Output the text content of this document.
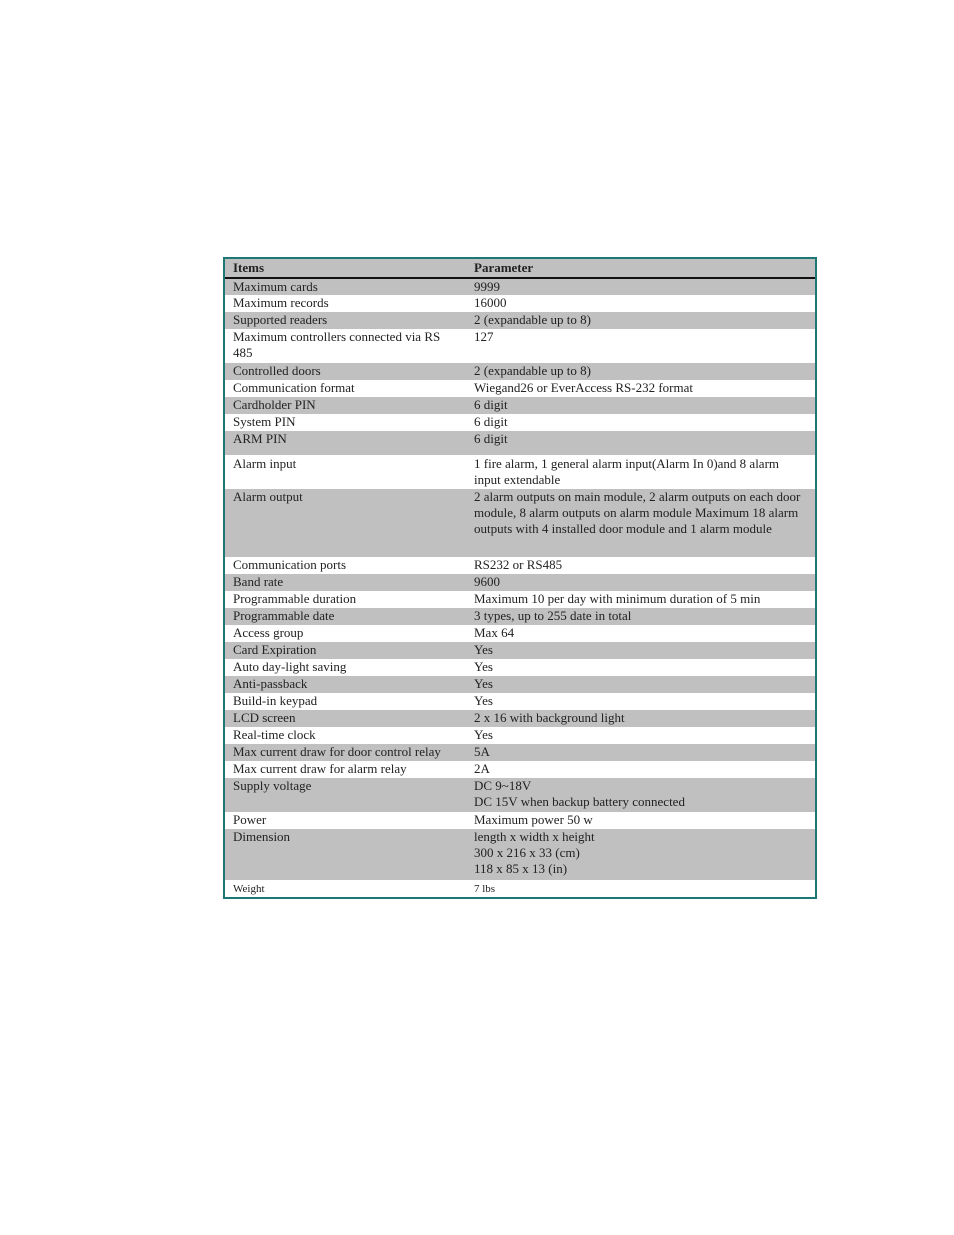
Items	Parameter
Maximum cards	9999
Maximum records	16000
Supported readers	2 (expandable up to 8)
Maximum controllers connected via RS 485	127
Controlled doors	2 (expandable up to 8)
Communication format	Wiegand26 or EverAccess RS-232 format
Cardholder PIN	6 digit
System PIN	6 digit
ARM PIN	6 digit
Alarm input	1 fire alarm, 1 general alarm input(Alarm In 0)and 8 alarm input extendable
Alarm output	2 alarm outputs on main module, 2 alarm outputs on each door module, 8 alarm outputs on alarm module Maximum 18 alarm outputs with 4 installed door module and 1 alarm module
Communication ports	RS232 or RS485
Band rate	9600
Programmable duration	Maximum 10 per day with minimum duration of 5 min
Programmable date	3 types, up to 255 date in total
Access group	Max 64
Card Expiration	Yes
Auto day-light saving	Yes
Anti-passback	Yes
Build-in keypad	Yes
LCD screen	2 x 16 with background light
Real-time clock	Yes
Max current draw for door control relay	5A
Max current draw for alarm relay	2A
Supply voltage	DC 9~18V
DC 15V when backup battery connected
Power	Maximum power 50 w
Dimension	length x width x height
300 x 216 x 33 (cm)
118 x 85 x 13 (in)
Weight	7 lbs
